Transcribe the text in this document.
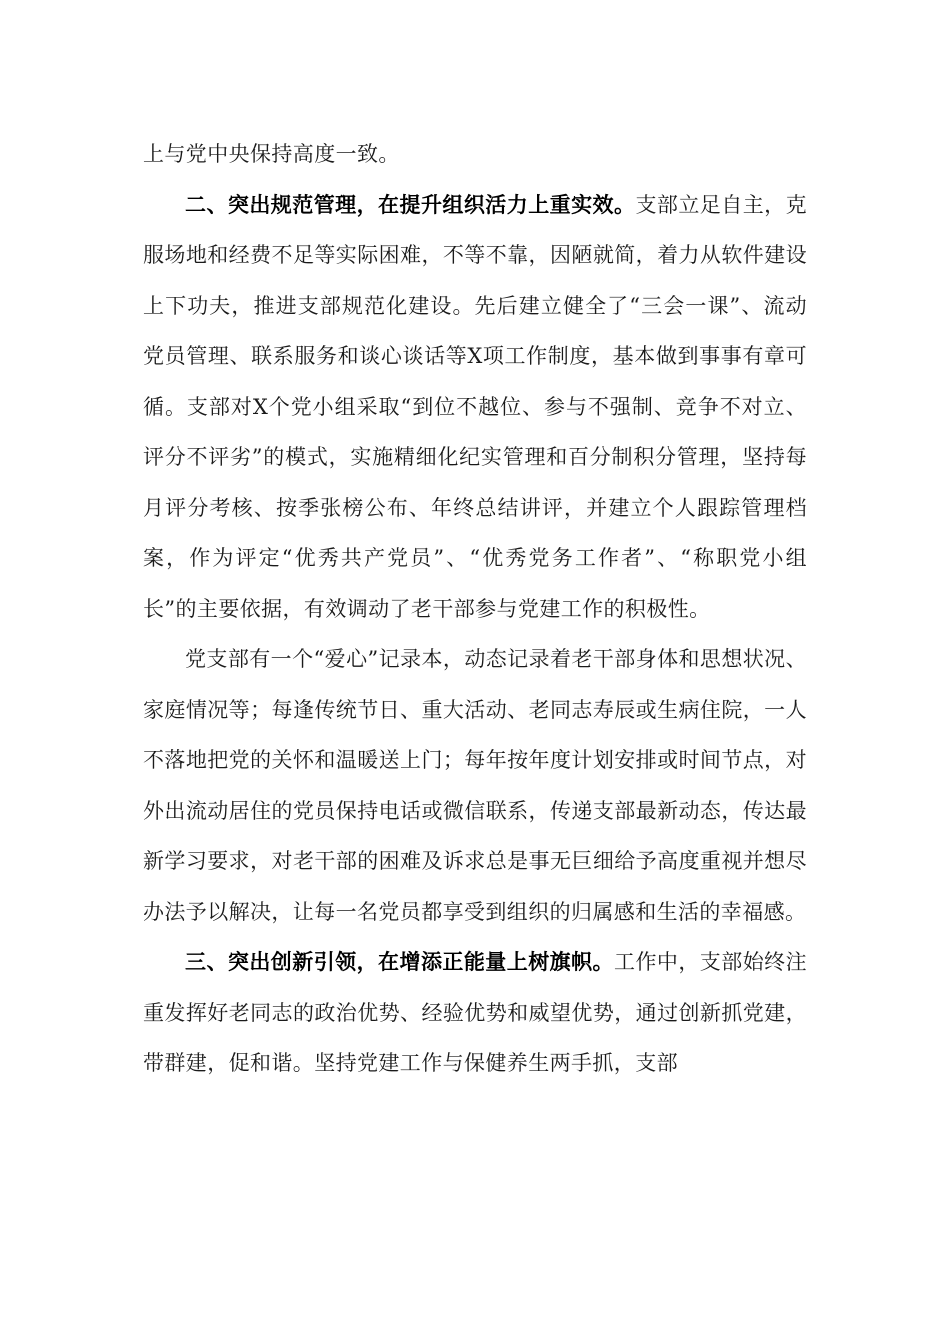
上与党中央保持高度一致。

二、突出规范管理，在提升组织活力上重实效。支部立足自主，克服场地和经费不足等实际困难，不等不靠，因陋就简，着力从软件建设上下功夫，推进支部规范化建设。先后建立健全了“三会一课”、流动党员管理、联系服务和谈心谈话等X项工作制度，基本做到事事有章可循。支部对X个党小组采取“到位不越位、参与不强制、竞争不对立、评分不评劣”的模式，实施精细化纪实管理和百分制积分管理，坚持每月评分考核、按季张榜公布、年终总结讲评，并建立个人跟踪管理档案，作为评定“优秀共产党员”、“优秀党务工作者”、“称职党小组长”的主要依据，有效调动了老干部参与党建工作的积极性。

党支部有一个“爱心”记录本，动态记录着老干部身体和思想状况、家庭情况等；每逢传统节日、重大活动、老同志寿辰或生病住院，一人不落地把党的关怀和温暖送上门；每年按年度计划安排或时间节点，对外出流动居住的党员保持电话或微信联系，传递支部最新动态，传达最新学习要求，对老干部的困难及诉求总是事无巨细给予高度重视并想尽办法予以解决，让每一名党员都享受到组织的归属感和生活的幸福感。

三、突出创新引领，在增添正能量上树旗帜。工作中，支部始终注重发挥好老同志的政治优势、经验优势和威望优势，通过创新抓党建，带群建，促和谐。坚持党建工作与保健养生两手抓，支部
